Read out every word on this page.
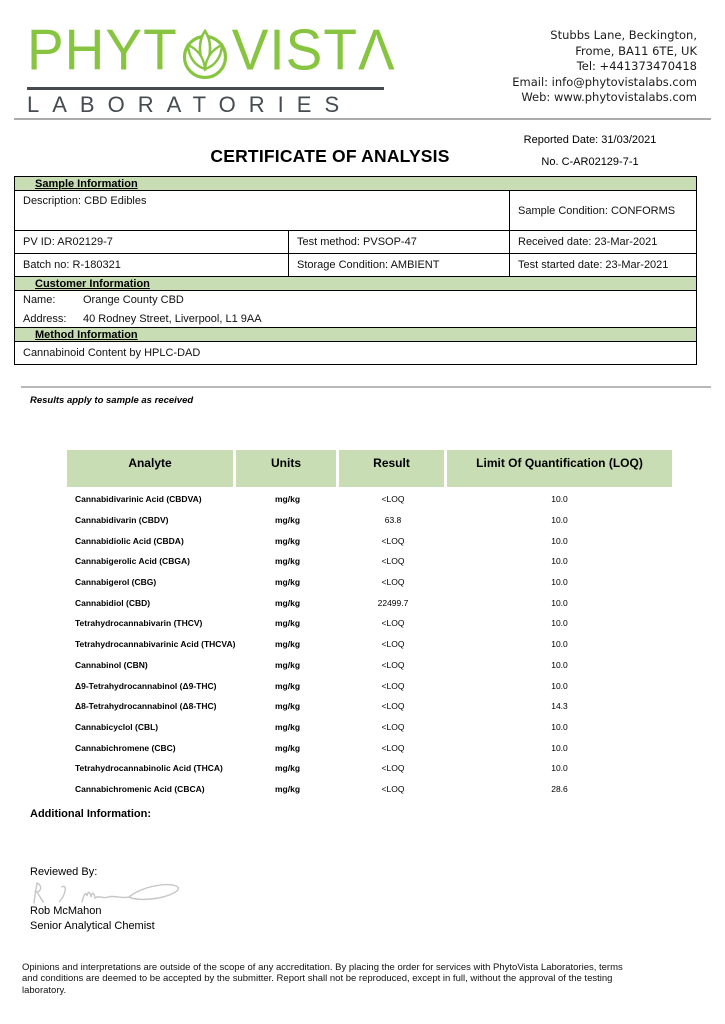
PHYT VIST Λ
LABORATORIES
Stubbs Lane, Beckington,
Frome, BA11 6TE, UK
Tel: +441373470418
Email: info@phytovistalabs.com
Web: www.phytovistalabs.com
Reported Date: 31/03/2021
No. C-AR02129-7-1
CERTIFICATE OF ANALYSIS
Sample Information
Description: CBD Edibles
Sample Condition: CONFORMS
PV ID: AR02129-7	Test method: PVSOP-47	Received date: 23-Mar-2021
Batch no: R-180321	Storage Condition: AMBIENT	Test started date: 23-Mar-2021
Customer Information
Name:	Orange County CBD
Address: 40 Rodney Street, Liverpool, L1 9AA
Method Information
Cannabinoid Content by HPLC-DAD
Results apply to sample as received
Analyte	Units	Result	Limit Of Quantification (LOQ)
Cannabidivarinic Acid (CBDVA)	mg/kg	<LOQ	10.0
Cannabidivarin (CBDV)	mg/kg	63.8	10.0
Cannabidiolic Acid (CBDA)	mg/kg	<LOQ	10.0
Cannabigerolic Acid (CBGA)	mg/kg	<LOQ	10.0
Cannabigerol (CBG)	mg/kg	<LOQ	10.0
Cannabidiol (CBD)	mg/kg	22499.7	10.0
Tetrahydrocannabivarin (THCV)	mg/kg	<LOQ	10.0
Tetrahydrocannabivarinic Acid (THCVA)	mg/kg	<LOQ	10.0
Cannabinol (CBN)	mg/kg	<LOQ	10.0
Δ9-Tetrahydrocannabinol (Δ9-THC)	mg/kg	<LOQ	10.0
Δ8-Tetrahydrocannabinol (Δ8-THC)	mg/kg	<LOQ	14.3
Cannabicyclol (CBL)	mg/kg	<LOQ	10.0
Cannabichromene (CBC)	mg/kg	<LOQ	10.0
Tetrahydrocannabinolic Acid (THCA)	mg/kg	<LOQ	10.0
Cannabichromenic Acid (CBCA)	mg/kg	<LOQ	28.6
Additional Information:
Reviewed By:
Rob McMahon
Senior Analytical Chemist
Opinions and interpretations are outside of the scope of any accreditation. By placing the order for services with PhytoVista Laboratories, terms and conditions are deemed to be accepted by the submitter. Report shall not be reproduced, except in full, without the approval of the testing laboratory.
